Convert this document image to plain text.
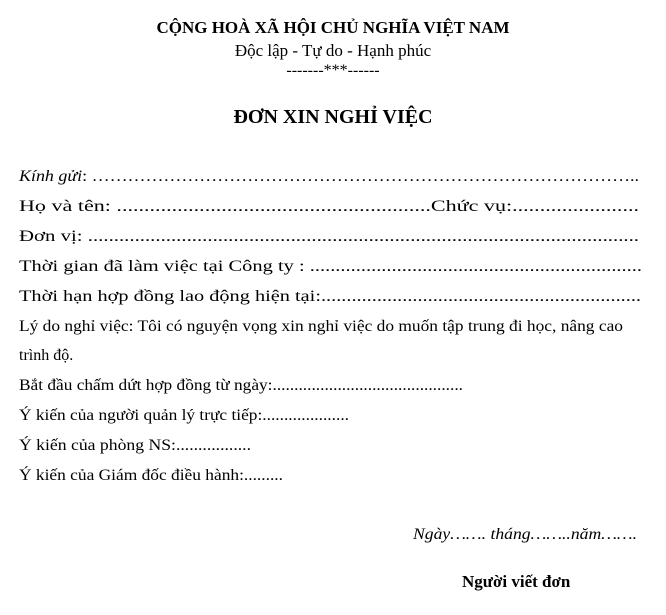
CỘNG HOÀ XÃ HỘI CHỦ NGHĨA VIỆT NAM
Độc lập - Tự do - Hạnh phúc
-------***------
ĐƠN XIN NGHỈ VIỆC
Kính gửi: ………………………………………………………………………………..
Họ và tên: .........................................................Chức vụ:.......................
Đơn vị: ..........................................................................................................
Thời gian đã làm việc tại Công ty : .................................................................
Thời hạn hợp đồng lao động hiện tại:...............................................................
Lý do nghỉ việc: Tôi có nguyện vọng xin nghỉ việc do muốn tập trung đi học, nâng cao
trình độ.
Bắt đầu chấm dứt hợp đồng từ ngày:............................................
Ý kiến của người quản lý trực tiếp:....................
Ý kiến của phòng NS:.................
Ý kiến của Giám đốc điều hành:.........
Ngày……. tháng……..năm…….
Người viết đơn
